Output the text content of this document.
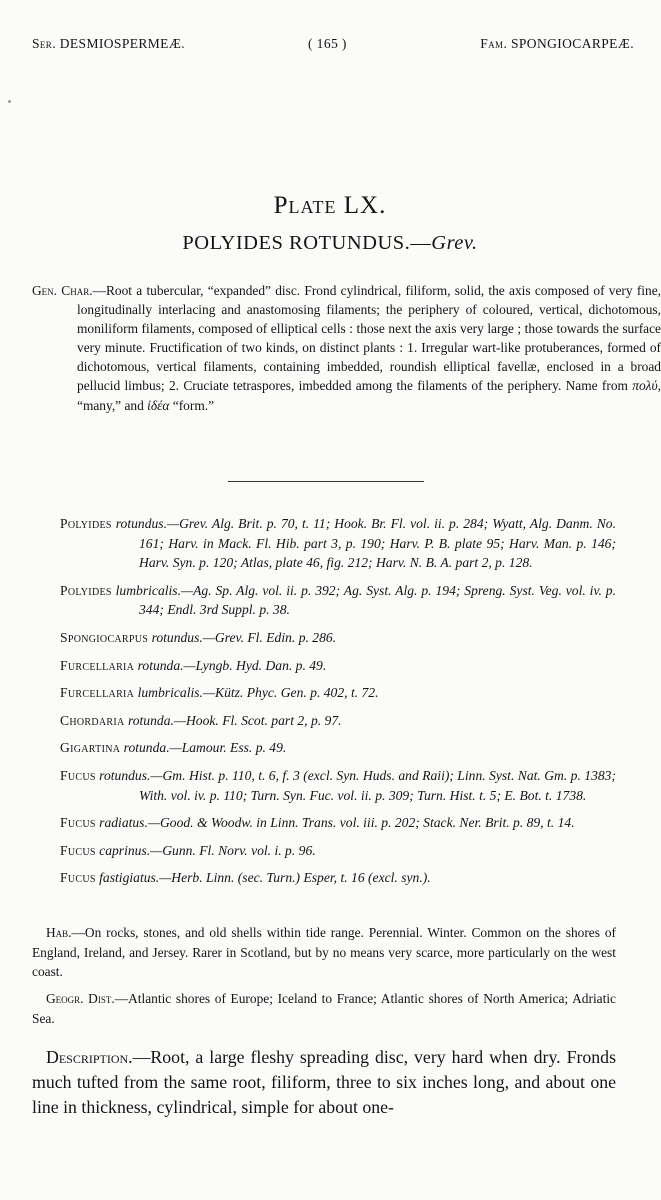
Ser. DESMIOSPERMEÆ.	( 165 )	Fam. SPONGIOCARPEÆ.
Plate LX.
POLYIDES ROTUNDUS.—Grev.
Gen. Char.—Root a tubercular, “expanded” disc. Frond cylindrical, filiform, solid, the axis composed of very fine, longitudinally interlacing and anastomosing filaments; the periphery of coloured, vertical, dichotomous, moniliform filaments, composed of elliptical cells : those next the axis very large ; those towards the surface very minute. Fructification of two kinds, on distinct plants : 1. Irregular wart-like protuberances, formed of dichotomous, vertical filaments, containing imbedded, roundish elliptical favellæ, enclosed in a broad pellucid limbus; 2. Cruciate tetraspores, imbedded among the filaments of the periphery. Name from πολύ, “many,” and ἰδέα “form.”
Polyides rotundus.—Grev. Alg. Brit. p. 70, t. 11; Hook. Br. Fl. vol. ii. p. 284; Wyatt, Alg. Danm. No. 161; Harv. in Mack. Fl. Hib. part 3, p. 190; Harv. P. B. plate 95; Harv. Man. p. 146; Harv. Syn. p. 120; Atlas, plate 46, fig. 212; Harv. N. B. A. part 2, p. 128.
Polyides lumbricalis.—Ag. Sp. Alg. vol. ii. p. 392; Ag. Syst. Alg. p. 194; Spreng. Syst. Veg. vol. iv. p. 344; Endl. 3rd Suppl. p. 38.
Spongiocarpus rotundus.—Grev. Fl. Edin. p. 286.
Furcellaria rotunda.—Lyngb. Hyd. Dan. p. 49.
Furcellaria lumbricalis.—Kütz. Phyc. Gen. p. 402, t. 72.
Chordaria rotunda.—Hook. Fl. Scot. part 2, p. 97.
Gigartina rotunda.—Lamour. Ess. p. 49.
Fucus rotundus.—Gm. Hist. p. 110, t. 6, f. 3 (excl. Syn. Huds. and Raii); Linn. Syst. Nat. Gm. p. 1383; With. vol. iv. p. 110; Turn. Syn. Fuc. vol. ii. p. 309; Turn. Hist. t. 5; E. Bot. t. 1738.
Fucus radiatus.—Good. & Woodw. in Linn. Trans. vol. iii. p. 202; Stack. Ner. Brit. p. 89, t. 14.
Fucus caprinus.—Gunn. Fl. Norv. vol. i. p. 96.
Fucus fastigiatus.—Herb. Linn. (sec. Turn.) Esper, t. 16 (excl. syn.).
Hab.—On rocks, stones, and old shells within tide range. Perennial. Winter. Common on the shores of England, Ireland, and Jersey. Rarer in Scotland, but by no means very scarce, more particularly on the west coast.
Geogr. Dist.—Atlantic shores of Europe; Iceland to France; Atlantic shores of North America; Adriatic Sea.
Description.—Root, a large fleshy spreading disc, very hard when dry. Fronds much tufted from the same root, filiform, three to six inches long, and about one line in thickness, cylindrical, simple for about one-
